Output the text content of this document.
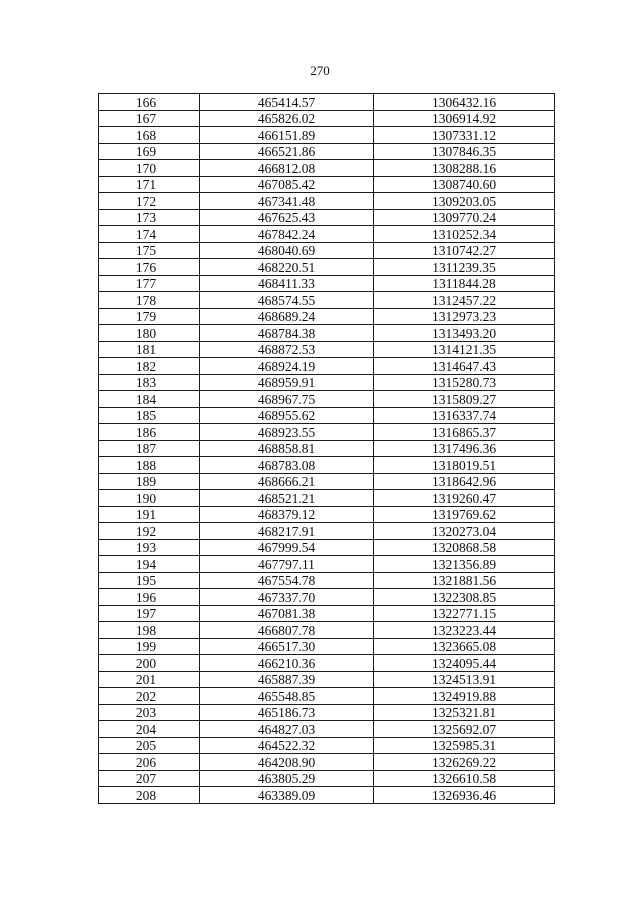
270
166	465414.57	1306432.16
167	465826.02	1306914.92
168	466151.89	1307331.12
169	466521.86	1307846.35
170	466812.08	1308288.16
171	467085.42	1308740.60
172	467341.48	1309203.05
173	467625.43	1309770.24
174	467842.24	1310252.34
175	468040.69	1310742.27
176	468220.51	1311239.35
177	468411.33	1311844.28
178	468574.55	1312457.22
179	468689.24	1312973.23
180	468784.38	1313493.20
181	468872.53	1314121.35
182	468924.19	1314647.43
183	468959.91	1315280.73
184	468967.75	1315809.27
185	468955.62	1316337.74
186	468923.55	1316865.37
187	468858.81	1317496.36
188	468783.08	1318019.51
189	468666.21	1318642.96
190	468521.21	1319260.47
191	468379.12	1319769.62
192	468217.91	1320273.04
193	467999.54	1320868.58
194	467797.11	1321356.89
195	467554.78	1321881.56
196	467337.70	1322308.85
197	467081.38	1322771.15
198	466807.78	1323223.44
199	466517.30	1323665.08
200	466210.36	1324095.44
201	465887.39	1324513.91
202	465548.85	1324919.88
203	465186.73	1325321.81
204	464827.03	1325692.07
205	464522.32	1325985.31
206	464208.90	1326269.22
207	463805.29	1326610.58
208	463389.09	1326936.46
